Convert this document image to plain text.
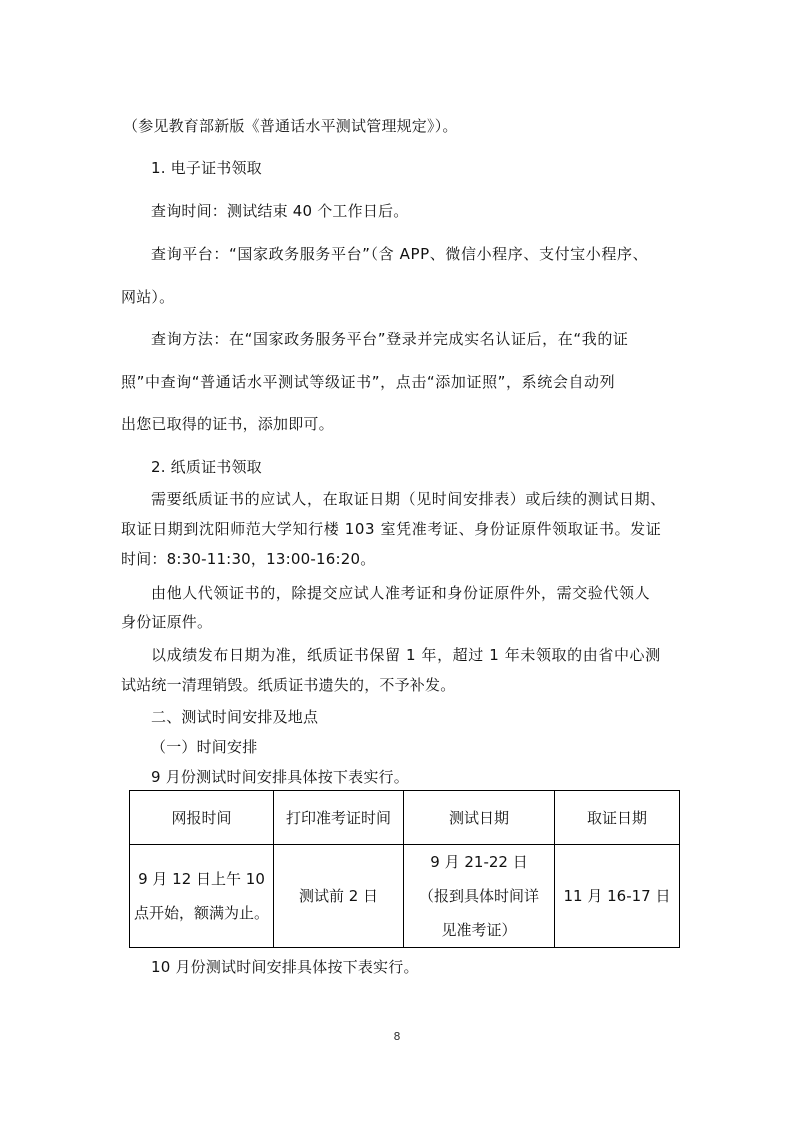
（参见教育部新版《普通话水平测试管理规定》）。
1. 电子证书领取
查询时间：测试结束 40 个工作日后。
查询平台：“国家政务服务平台”（含 APP、微信小程序、支付宝小程序、
网站）。
查询方法：在“国家政务服务平台”登录并完成实名认证后，在“我的证
照”中查询“普通话水平测试等级证书”，点击“添加证照”，系统会自动列
出您已取得的证书，添加即可。
2. 纸质证书领取
需要纸质证书的应试人，在取证日期（见时间安排表）或后续的测试日期、
取证日期到沈阳师范大学知行楼 103 室凭准考证、身份证原件领取证书。发证
时间：8:30-11:30，13:00-16:20。
由他人代领证书的，除提交应试人准考证和身份证原件外，需交验代领人
身份证原件。
以成绩发布日期为准，纸质证书保留 1 年，超过 1 年未领取的由省中心测
试站统一清理销毁。纸质证书遗失的，不予补发。
二、测试时间安排及地点
（一）时间安排
9 月份测试时间安排具体按下表实行。
网报时间	打印准考证时间	测试日期	取证日期
9 月 12 日上午 10
点开始，额满为止。	测试前 2 日	9 月 21-22 日
（报到具体时间详
见准考证）	11 月 16-17 日
10 月份测试时间安排具体按下表实行。
8
